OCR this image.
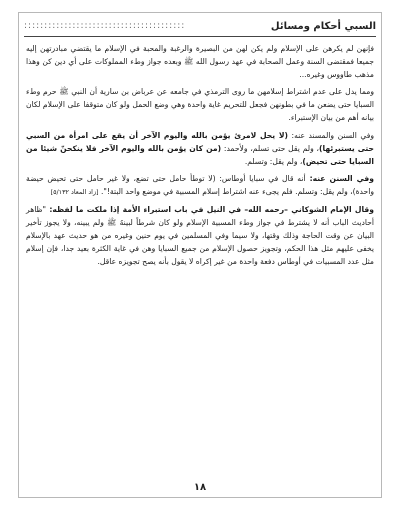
السبي أحكام ومسائل
::::::::::::::::::::::::::::::::::::::::

فإنهن لم يكرهن على الإسلام ولم يكن لهن من البصيرة والرغبة والمحبة في الإسلام ما يقتضي مبادرتهن إليه جميعا فمقتضى السنة وعمل الصحابة في عهد رسول الله ﷺ وبعده جواز وطء المملوكات على أي دين كن وهذا مذهب طاووس وغيره...

ومما يدل على عدم اشتراط إسلامهن ما روى الترمذي في جامعه عن عرباض بن سارية أن النبي ﷺ حرم وطء السبايا حتى يضعن ما في بطونهن فجعل للتحريم غاية واحدة وهي وضع الحمل ولو كان متوقفا على الإسلام لكان بيانه أهم من بيان الإستبراء.

وفي السنن والمسند عنه: (لا يحل لامرئ يؤمن بالله واليوم الآخر أن يقع على امرأة من السبي حتى يستبرئها)، ولم يقل حتى تسلم، ولأحمد: (من كان يؤمن بالله واليوم الآخر فلا ينكحنّ شيئا من السبايا حتى تحيض)، ولم يقل: وتسلم.

وفي السنن عنه: أنه قال في سبايا أوطاس: (لا توطأ حامل حتى تضع، ولا غير حامل حتى تحيض حيضة واحدة)، ولم يقل: وتسلم. فلم يجىء عنه اشتراط إسلام المسبية في موضع واحد البتة!". [زاد المعاد ٥/١٣٢]

وقال الإمام الشوكاني –رحمه الله– في النيل في باب استبراء الأمة إذا ملكت ما لفظه: "ظاهر أحاديث الباب أنه لا يشترط في جواز وطء المسبية الإسلام ولو كان شرطاً لبينهُ ﷺ ولم يبينه، ولا يجوز تأخير البيان عن وقت الحاجة وذلك وقتها، ولا سيما وفي المسلمين في يوم حنين وغيره من هو حديث عهد بالإسلام يخفى عليهم مثل هذا الحكم، وتجويز حصول الإسلام من جميع السبايا وهن في غاية الكثرة بعيد جدا، فإن إسلام مثل عدد المسبيات في أوطاس دفعة واحدة من غير إكراه لا يقول بأنه يصح تجويزه عاقل.

١٨
